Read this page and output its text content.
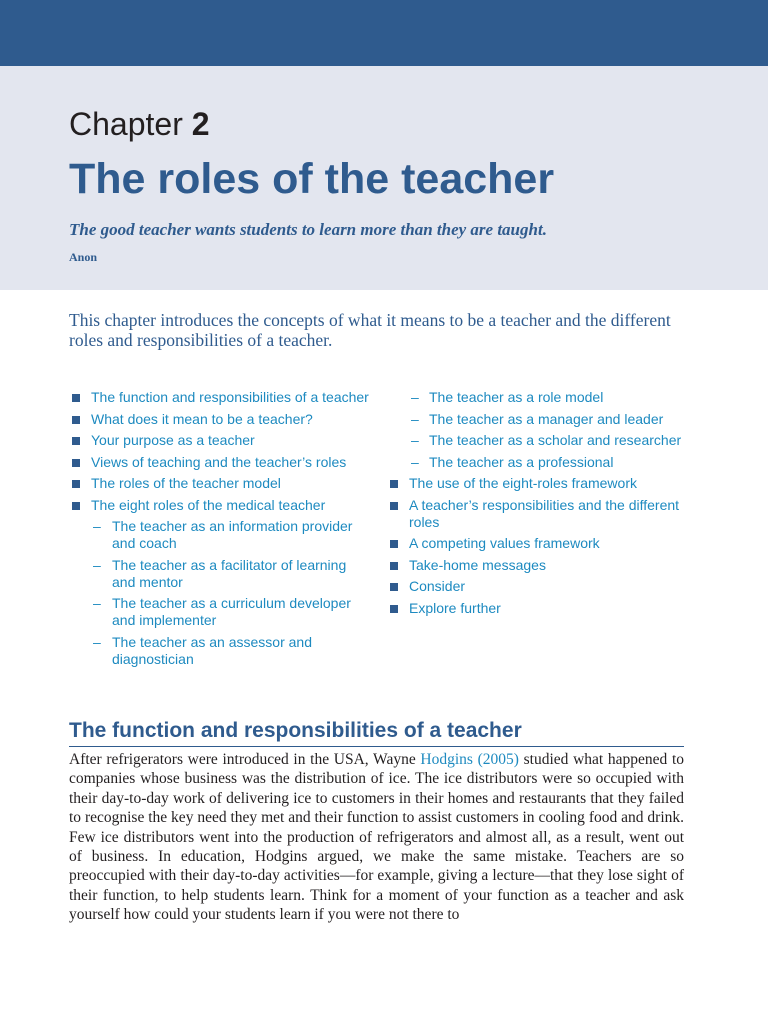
Chapter 2
The roles of the teacher

The good teacher wants students to learn more than they are taught.

Anon

This chapter introduces the concepts of what it means to be a teacher and the different roles and responsibilities of a teacher.

The function and responsibilities of a teacher
What does it mean to be a teacher?
Your purpose as a teacher
Views of teaching and the teacher’s roles
The roles of the teacher model
The eight roles of the medical teacher
– The teacher as an information provider and coach
– The teacher as a facilitator of learning and mentor
– The teacher as a curriculum developer and implementer
– The teacher as an assessor and diagnostician
– The teacher as a role model
– The teacher as a manager and leader
– The teacher as a scholar and researcher
– The teacher as a professional
The use of the eight-roles framework
A teacher’s responsibilities and the different roles
A competing values framework
Take-home messages
Consider
Explore further
The function and responsibilities of a teacher

After refrigerators were introduced in the USA, Wayne Hodgins (2005) studied what happened to companies whose business was the distribution of ice. The ice distributors were so occupied with their day-to-day work of delivering ice to customers in their homes and restaurants that they failed to recognise the key need they met and their function to assist customers in cooling food and drink. Few ice distributors went into the production of refrigerators and almost all, as a result, went out of business. In education, Hodgins argued, we make the same mistake. Teachers are so preoccupied with their day-to-day activities—for example, giving a lecture—that they lose sight of their function, to help students learn. Think for a moment of your function as a teacher and ask yourself how could your students learn if you were not there to
